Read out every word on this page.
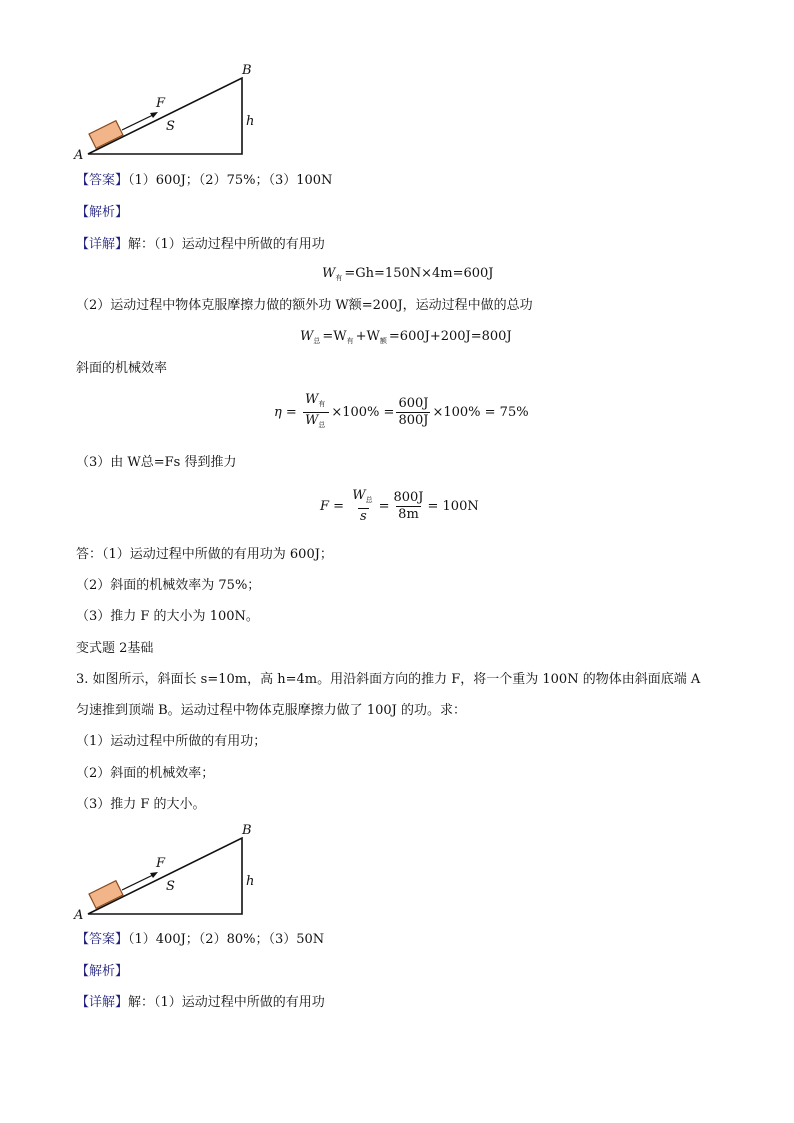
B
F
S	h
A
【答案】（1）600J；（2）75%；（3）100N
【解析】
【详解】解：（1）运动过程中所做的有用功
$W_有 =Gh=150N\times 4m=600J$
（2）运动过程中物体克服摩擦力做的额外功 W额=200J，运动过程中做的总功
$W_总 =W_有 +W_额 =600J+200J=800J$
斜面的机械效率
$\eta = \frac{W_有}{W_总} \times 100\% = \frac{600J}{800J} \times 100\% = 75\%$
（3）由 W总=Fs 得到推力
F =
$\frac{W_总}{s} = \frac{800J}{8m} = 100N$
答：（1）运动过程中所做的有用功为 600J；
（2）斜面的机械效率为 75%；
（3）推力 F 的大小为 100N。
变式题 2基础
3. 如图所示，斜面长 s=10m，高 h=4m。用沿斜面方向的推力 F，将一个重为 100N 的物体由斜面底端 A
匀速推到顶端 B。运动过程中物体克服摩擦力做了 100J 的功。求：
（1）运动过程中所做的有用功；
（2）斜面的机械效率；
（3）推力 F 的大小。
B
F
S	h
A
【答案】（1）400J；（2）80%；（3）50N
【解析】
【详解】解：（1）运动过程中所做的有用功
